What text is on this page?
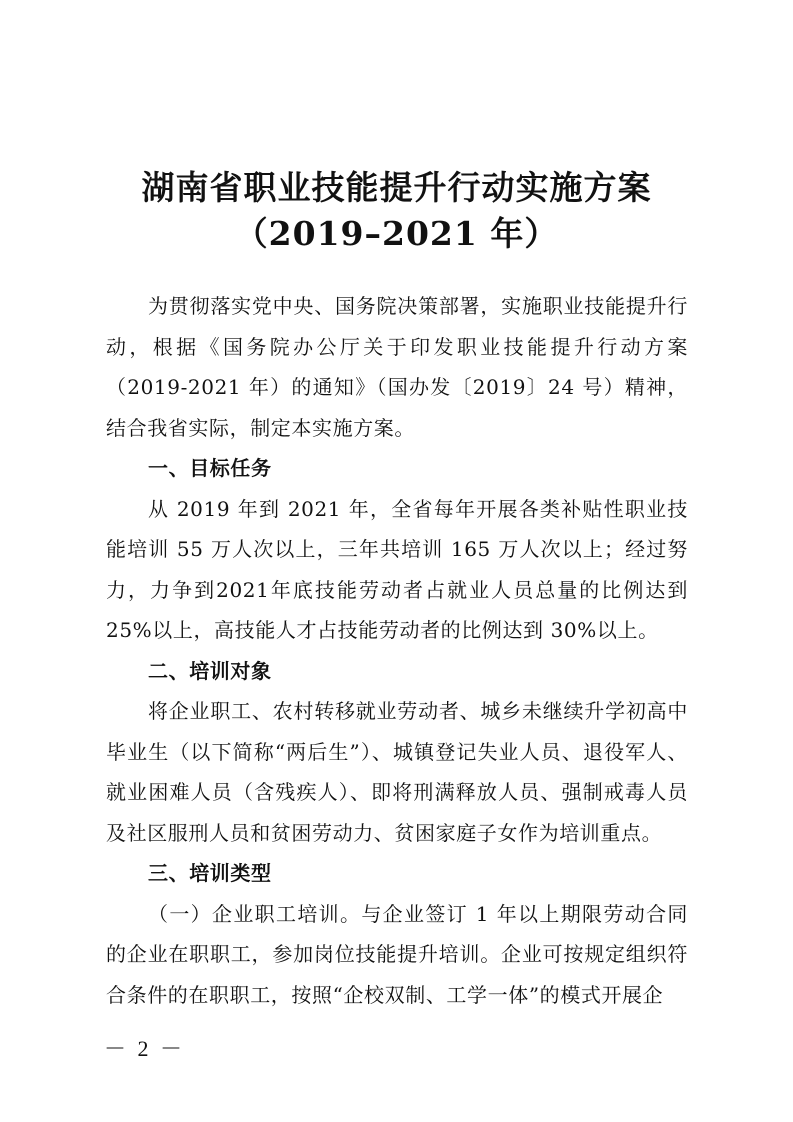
湖南省职业技能提升行动实施方案
（2019–2021 年）

为贯彻落实党中央、国务院决策部署，实施职业技能提升行动，根据《国务院办公厅关于印发职业技能提升行动方案（2019-2021 年）的通知》（国办发〔2019〕24 号）精神，结合我省实际，制定本实施方案。

一、目标任务

从 2019 年到 2021 年，全省每年开展各类补贴性职业技能培训 55 万人次以上，三年共培训 165 万人次以上；经过努力，力争到2021年底技能劳动者占就业人员总量的比例达到25%以上，高技能人才占技能劳动者的比例达到 30%以上。

二、培训对象

将企业职工、农村转移就业劳动者、城乡未继续升学初高中毕业生（以下简称“两后生”）、城镇登记失业人员、退役军人、就业困难人员（含残疾人）、即将刑满释放人员、强制戒毒人员及社区服刑人员和贫困劳动力、贫困家庭子女作为培训重点。

三、培训类型

（一）企业职工培训。与企业签订 1 年以上期限劳动合同的企业在职职工，参加岗位技能提升培训。企业可按规定组织符合条件的在职职工，按照“企校双制、工学一体”的模式开展企

－ 2 －
